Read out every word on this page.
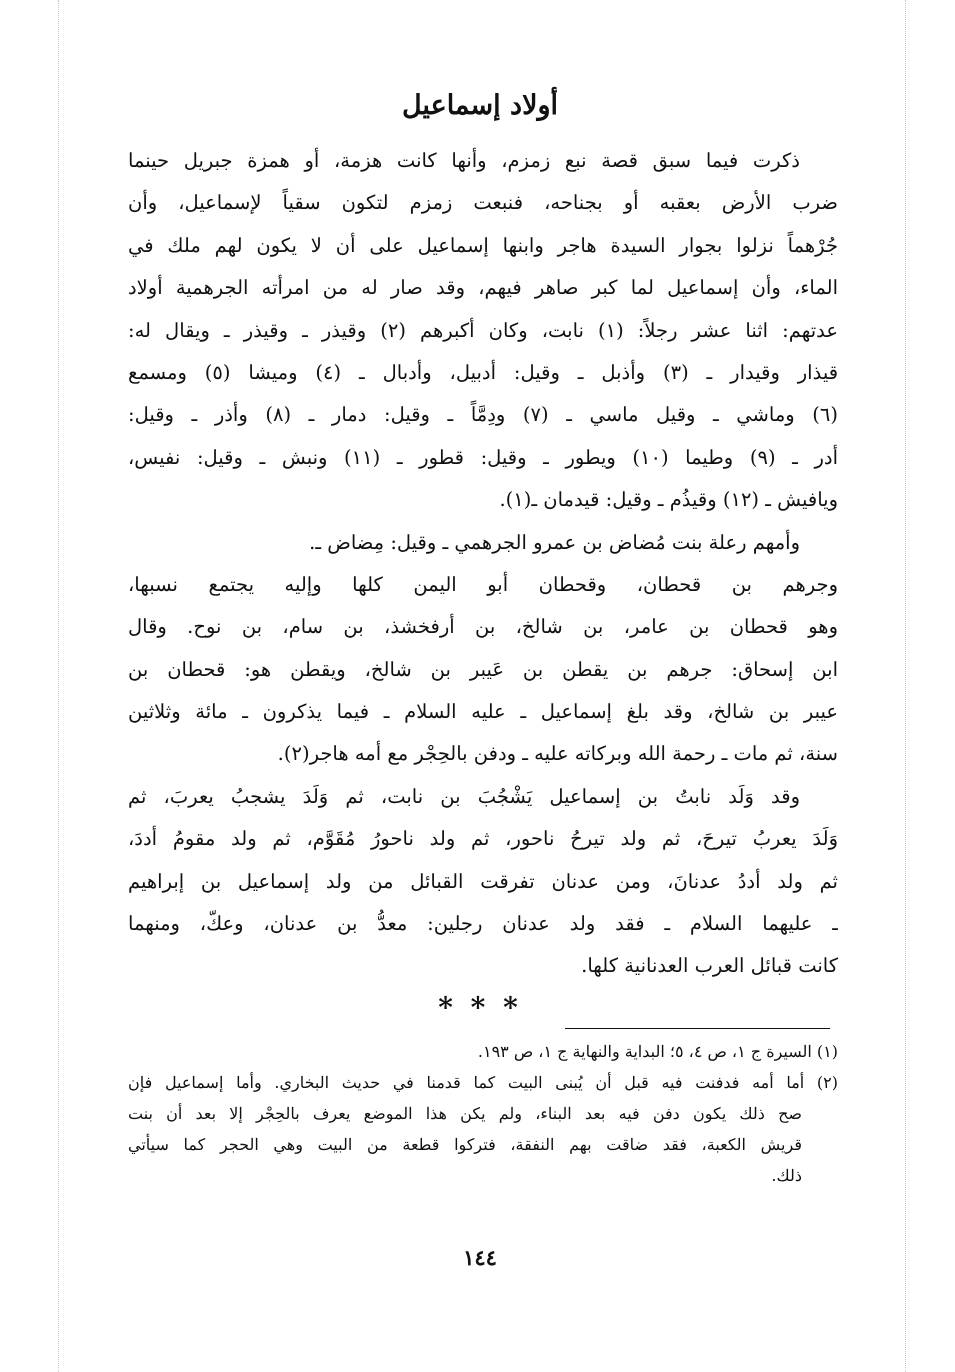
أولاد إسماعيل
ذكرت فيما سبق قصة نبع زمزم، وأنها كانت هزمة، أو همزة جبريل حينما
ضرب الأرض بعقبه أو بجناحه، فنبعت زمزم لتكون سقياً لإسماعيل، وأن
جُرْهماً نزلوا بجوار السيدة هاجر وابنها إسماعيل على أن لا يكون لهم ملك في
الماء، وأن إسماعيل لما كبر صاهر فيهم، وقد صار له من امرأته الجرهمية أولاد
عدتهم: اثنا عشر رجلاً: (١) نابت، وكان أكبرهم (٢) وقيذر ـ وقيذر ـ ويقال له:
قيذار وقيدار ـ (٣) وأذبل ـ وقيل: أدبيل، وأدبال ـ (٤) وميشا (٥) ومسمع
(٦) وماشي ـ وقيل ماسي ـ (٧) ودِمَّاً ـ وقيل: دمار ـ (٨) وأذر ـ وقيل:
أدر ـ (٩) وطيما (١٠) ويطور ـ وقيل: قطور ـ (١١) ونبش ـ وقيل: نفيس،
ويافيش ـ (١٢) وقيذُم ـ وقيل: قيدمان ـ(١).
وأمهم رعلة بنت مُضاض بن عمرو الجرهمي ـ وقيل: مِضاض ـ.
وجرهم بن قحطان، وقحطان أبو اليمن كلها وإليه يجتمع نسبها،
وهو قحطان بن عامر، بن شالخ، بن أرفخشذ، بن سام، بن نوح. وقال
ابن إسحاق: جرهم بن يقطن بن عَيبر بن شالخ، ويقطن هو: قحطان بن
عيبر بن شالخ، وقد بلغ إسماعيل ـ عليه السلام ـ فيما يذكرون ـ مائة وثلاثين
سنة، ثم مات ـ رحمة الله وبركاته عليه ـ ودفن بالحِجْر مع أمه هاجر(٢).
وقد وَلَد نابتُ بن إسماعيل يَشْجُبَ بن نابت، ثم وَلَدَ يشجبُ يعربَ، ثم
وَلَدَ يعربُ تيرحَ، ثم ولد تيرحُ ناحور، ثم ولد ناحورُ مُقَوَّم، ثم ولد مقومُ أددَ،
ثم ولد أددُ عدنانَ، ومن عدنان تفرقت القبائل من ولد إسماعيل بن إبراهيم
ـ عليهما السلام ـ فقد ولد عدنان رجلين: معدُّ بن عدنان، وعكّ، ومنهما
كانت قبائل العرب العدنانية كلها.
* * *
(١) السيرة ج ١، ص ٤، ٥؛ البداية والنهاية ج ١، ص ١٩٣.
(٢) أما أمه فدفنت فيه قبل أن يُبنى البيت كما قدمنا في حديث البخاري. وأما إسماعيل فإن
صح ذلك يكون دفن فيه بعد البناء، ولم يكن هذا الموضع يعرف بالحِجْر إلا بعد أن بنت
قريش الكعبة، فقد ضاقت بهم النفقة، فتركوا قطعة من البيت وهي الحجر كما سيأتي
ذلك.
١٤٤
